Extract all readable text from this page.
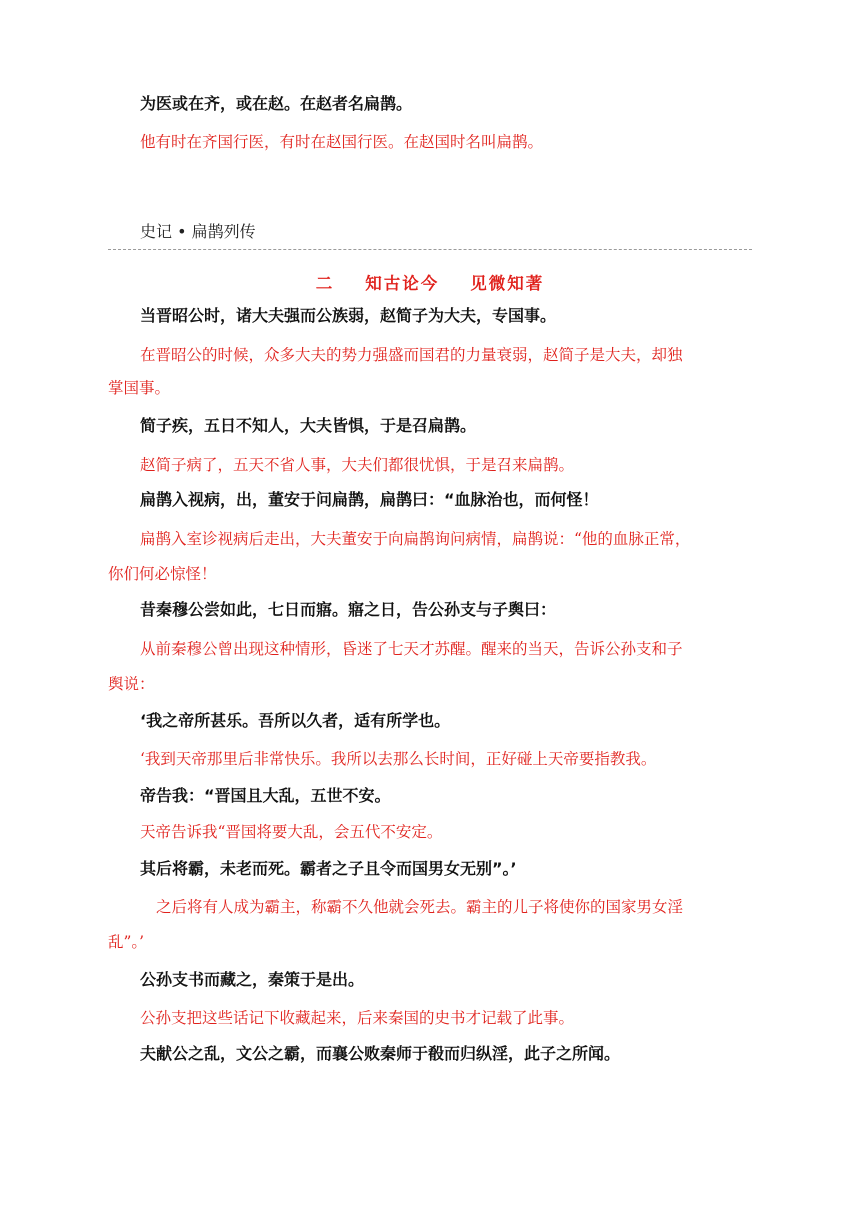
为医或在齐，或在赵。在赵者名扁鹊。
他有时在齐国行医，有时在赵国行医。在赵国时名叫扁鹊。
史记 • 扁鹊列传
二    知古论今    见微知著
当晋昭公时，诸大夫强而公族弱，赵简子为大夫，专国事。
在晋昭公的时候，众多大夫的势力强盛而国君的力量衰弱，赵简子是大夫，却独
掌国事。
简子疾，五日不知人，大夫皆惧，于是召扁鹊。
赵简子病了，五天不省人事，大夫们都很忧惧，于是召来扁鹊。
扁鹊入视病，出，董安于问扁鹊，扁鹊曰：“血脉治也，而何怪！
扁鹊入室诊视病后走出，大夫董安于向扁鹊询问病情，扁鹊说：“他的血脉正常，
你们何必惊怪！
昔秦穆公尝如此，七日而寤。寤之日，告公孙支与子舆曰：
从前秦穆公曾出现这种情形，昏迷了七天才苏醒。醒来的当天，告诉公孙支和子
舆说：
‘我之帝所甚乐。吾所以久者，适有所学也。
‘我到天帝那里后非常快乐。我所以去那么长时间，正好碰上天帝要指教我。
帝告我：“晋国且大乱，五世不安。
天帝告诉我“晋国将要大乱，会五代不安定。
其后将霸，未老而死。霸者之子且令而国男女无别”。’
之后将有人成为霸主，称霸不久他就会死去。霸主的儿子将使你的国家男女淫
乱”。’
公孙支书而藏之，秦策于是出。
公孙支把这些话记下收藏起来，后来秦国的史书才记载了此事。
夫献公之乱，文公之霸，而襄公败秦师于殽而归纵淫，此子之所闻。
